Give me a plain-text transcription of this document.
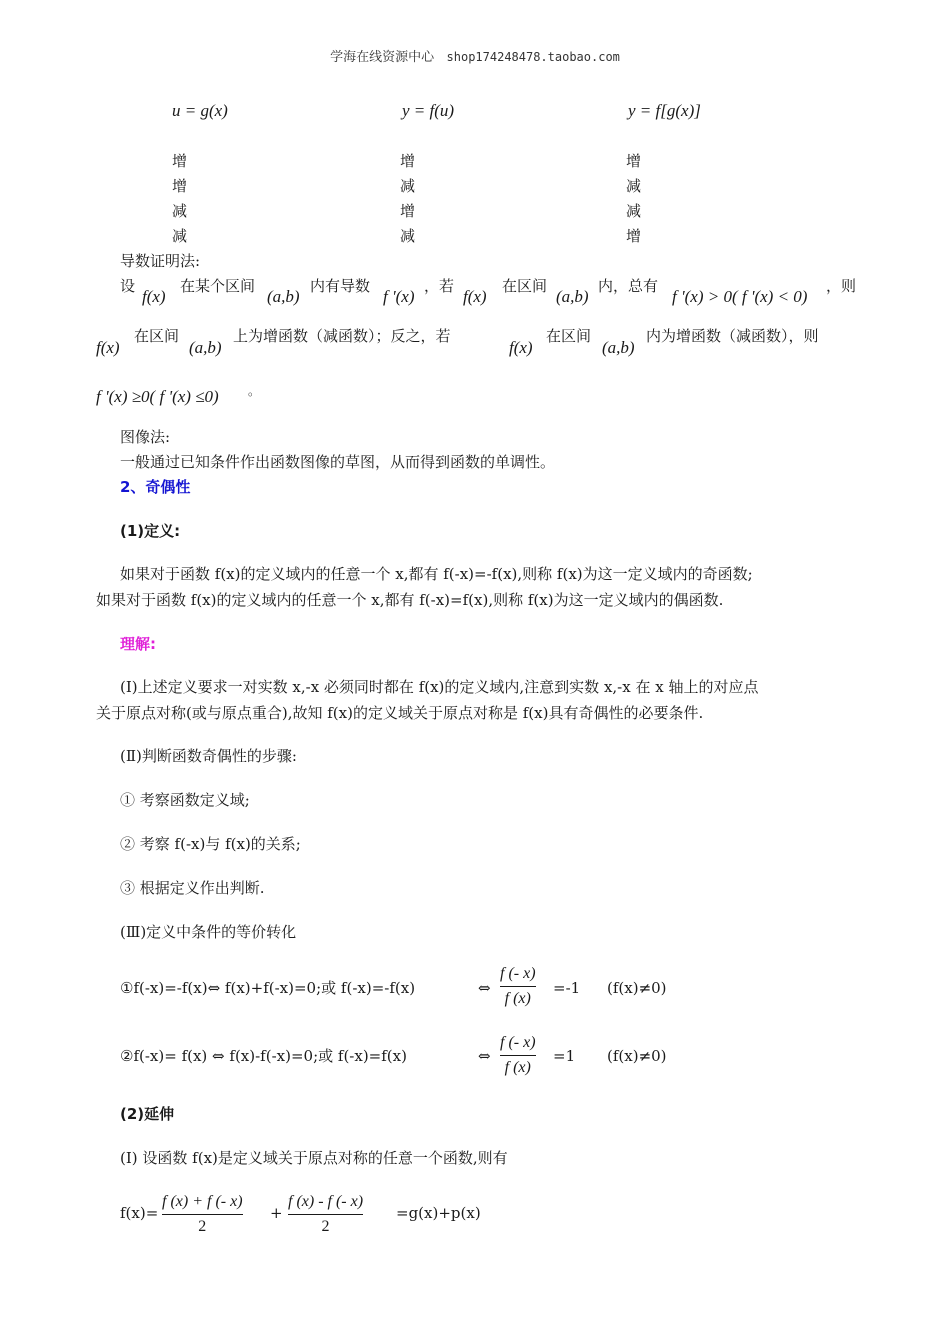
学海在线资源中心 shop174248478.taobao.com
u = g(x)	y = f(u)	y = f[g(x)]
增	增	增
增	减	减
减	增	减
减	减	增
导数证明法:
设
f(x)
在某个区间
(a,b)
内有导数
f '(x)
，若
f(x)
在区间
(a,b)
内，总有
f '(x) > 0( f '(x) < 0)
，则
f(x)
在区间
(a,b)
上为增函数（减函数）；反之，若
f(x)
在区间
(a,b)
内为增函数（减函数），则
f '(x) ≥0( f '(x) ≤0) 。
图像法:
一般通过已知条件作出函数图像的草图，从而得到函数的单调性。
2、奇偶性
(1)定义:
如果对于函数 f(x)的定义域内的任意一个 x,都有 f(-x)=-f(x),则称 f(x)为这一定义域内的奇函数;
如果对于函数 f(x)的定义域内的任意一个 x,都有 f(-x)=f(x),则称 f(x)为这一定义域内的偶函数.
理解:
(Ⅰ)上述定义要求一对实数 x,-x 必须同时都在 f(x)的定义域内,注意到实数 x,-x 在 x 轴上的对应点
关于原点对称(或与原点重合),故知 f(x)的定义域关于原点对称是 f(x)具有奇偶性的必要条件.
(Ⅱ)判断函数奇偶性的步骤:
① 考察函数定义域;
② 考察 f(-x)与 f(x)的关系;
③ 根据定义作出判断.
(Ⅲ)定义中条件的等价转化
①f(-x)=-f(x)⇔ f(x)+f(-x)=0;或 f(-x)=-f(x)	⇔
f (- x)
f (x)
=-1 (f(x)≠0)
②f(-x)= f(x) ⇔ f(x)-f(-x)=0;或 f(-x)=f(x)	⇔
f (- x)
f (x)
=1 (f(x)≠0)
(2)延伸
(Ⅰ) 设函数 f(x)是定义域关于原点对称的任意一个函数,则有
f(x)=
f (x) + f (- x)
2
+
f (x) - f (- x)
2
=g(x)+p(x)
